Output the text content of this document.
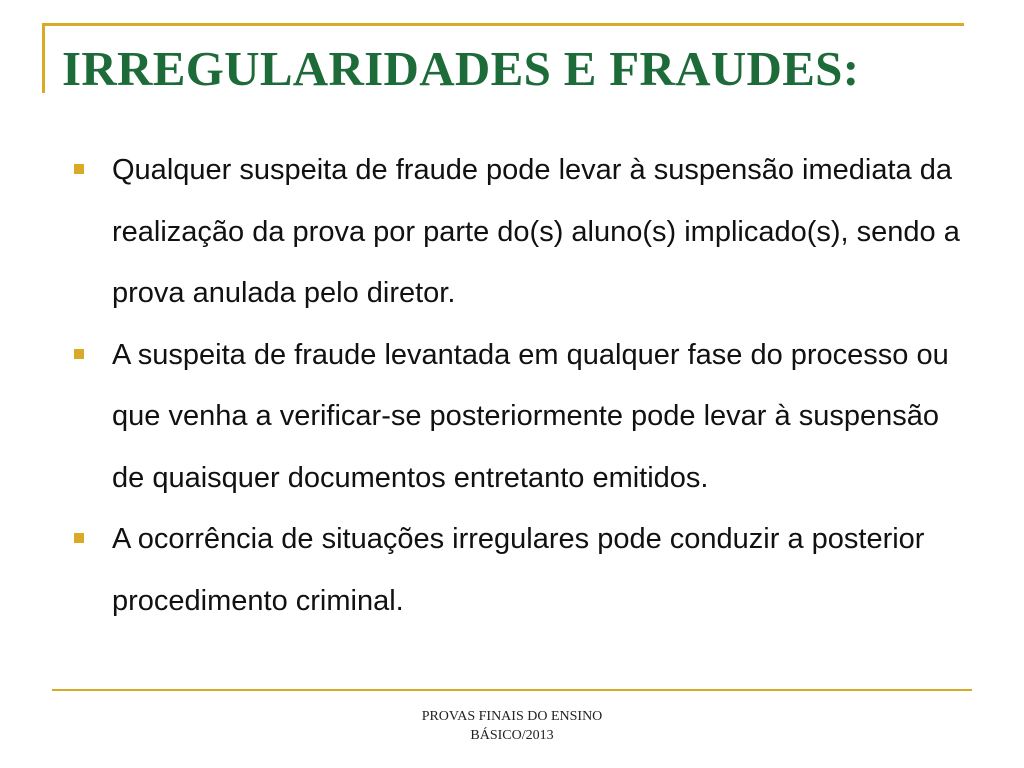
IRREGULARIDADES E FRAUDES:
Qualquer suspeita de fraude pode levar à suspensão imediata da realização da prova por parte do(s) aluno(s) implicado(s), sendo a prova anulada pelo diretor.
A suspeita de fraude levantada em qualquer fase do processo ou que venha a verificar-se posteriormente pode levar à suspensão de quaisquer documentos entretanto emitidos.
A ocorrência de situações irregulares pode conduzir a posterior procedimento criminal.
PROVAS FINAIS DO ENSINO
BÁSICO/2013
